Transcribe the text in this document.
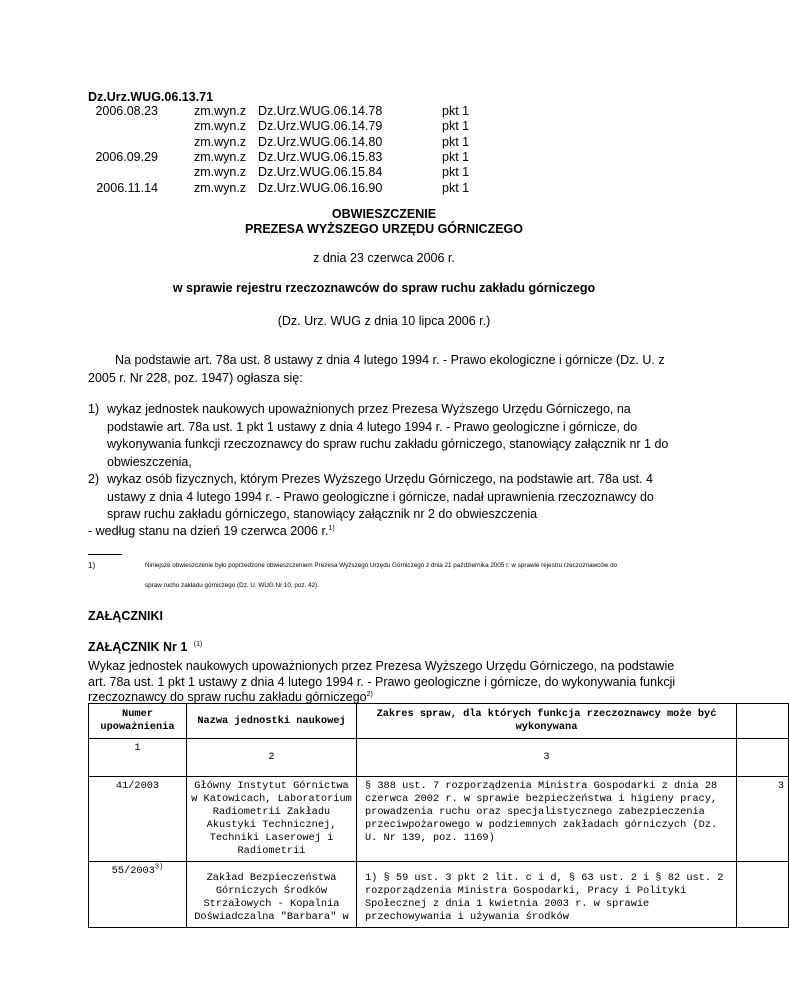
Dz.Urz.WUG.06.13.71
2006.08.23	zm.wyn.z Dz.Urz.WUG.06.14.78	pkt 1
zm.wyn.z Dz.Urz.WUG.06.14.79	pkt 1
zm.wyn.z Dz.Urz.WUG.06.14.80	pkt 1
2006.09.29	zm.wyn.z Dz.Urz.WUG.06.15.83	pkt 1
zm.wyn.z Dz.Urz.WUG.06.15.84	pkt 1
2006.11.14	zm.wyn.z Dz.Urz.WUG.06.16.90	pkt 1
OBWIESZCZENIE
PREZESA WYŻSZEGO URZĘDU GÓRNICZEGO
z dnia 23 czerwca 2006 r.
w sprawie rejestru rzeczoznawców do spraw ruchu zakładu górniczego
(Dz. Urz. WUG z dnia 10 lipca 2006 r.)
Na podstawie art. 78a ust. 8 ustawy z dnia 4 lutego 1994 r. - Prawo ekologiczne i górnicze (Dz. U. z
2005 r. Nr 228, poz. 1947) ogłasza się:
1) wykaz jednostek naukowych upoważnionych przez Prezesa Wyższego Urzędu Górniczego, na
podstawie art. 78a ust. 1 pkt 1 ustawy z dnia 4 lutego 1994 r. - Prawo geologiczne i górnicze, do
wykonywania funkcji rzeczoznawcy do spraw ruchu zakładu górniczego, stanowiący załącznik nr 1 do
obwieszczenia,
2) wykaz osób fizycznych, którym Prezes Wyższego Urzędu Górniczego, na podstawie art. 78a ust. 4
ustawy z dnia 4 lutego 1994 r. - Prawo geologiczne i górnicze, nadał uprawnienia rzeczoznawcy do
spraw ruchu zakładu górniczego, stanowiący załącznik nr 2 do obwieszczenia
- według stanu na dzień 19 czerwca 2006 r.$^{1)}$
1)	Niniejsze obwieszczenie było poprzedzone obwieszczeniem Prezesa Wyższego Urzędu Górniczego z dnia 21 października 2005 r. w sprawie rejestru rzeczoznawców do
spraw ruchu zakładu górniczego (Dz. U. WUG Nr 10, poz. 42).
ZAŁĄCZNIKI
ZAŁĄCZNIK Nr 1 $^{(1)}$
Wykaz jednostek naukowych upoważnionych przez Prezesa Wyższego Urzędu Górniczego, na podstawie
art. 78a ust. 1 pkt 1 ustawy z dnia 4 lutego 1994 r. - Prawo geologiczne i górnicze, do wykonywania funkcji
rzeczoznawcy do spraw ruchu zakładu górniczego$^{2)}$
Numer upoważnienia	Nazwa jednostki naukowej	Zakres spraw, dla których funkcja rzeczoznawcy może być wykonywana	
1	2	3	
41/2003	Główny Instytut Górnictwa w Katowicach, Laboratorium Radiometrii Zakładu Akustyki Technicznej, Techniki Laserowej i Radiometrii	§ 388 ust. 7 rozporządzenia Ministra Gospodarki z dnia 28 czerwca 2002 r. w sprawie bezpieczeństwa i higieny pracy, prowadzenia ruchu oraz specjalistycznego zabezpieczenia przeciwpożarowego w podziemnych zakładach górniczych (Dz. U. Nr 139, poz. 1169)	3
55/2003$^{3)}$	Zakład Bezpieczeństwa Górniczych Środków Strzałowych - Kopalnia Doświadczalna "Barbara" w	1) § 59 ust. 3 pkt 2 lit. c i d, § 63 ust. 2 i § 82 ust. 2 rozporządzenia Ministra Gospodarki, Pracy i Polityki Społecznej z dnia 1 kwietnia 2003 r. w sprawie przechowywania i używania środków	
